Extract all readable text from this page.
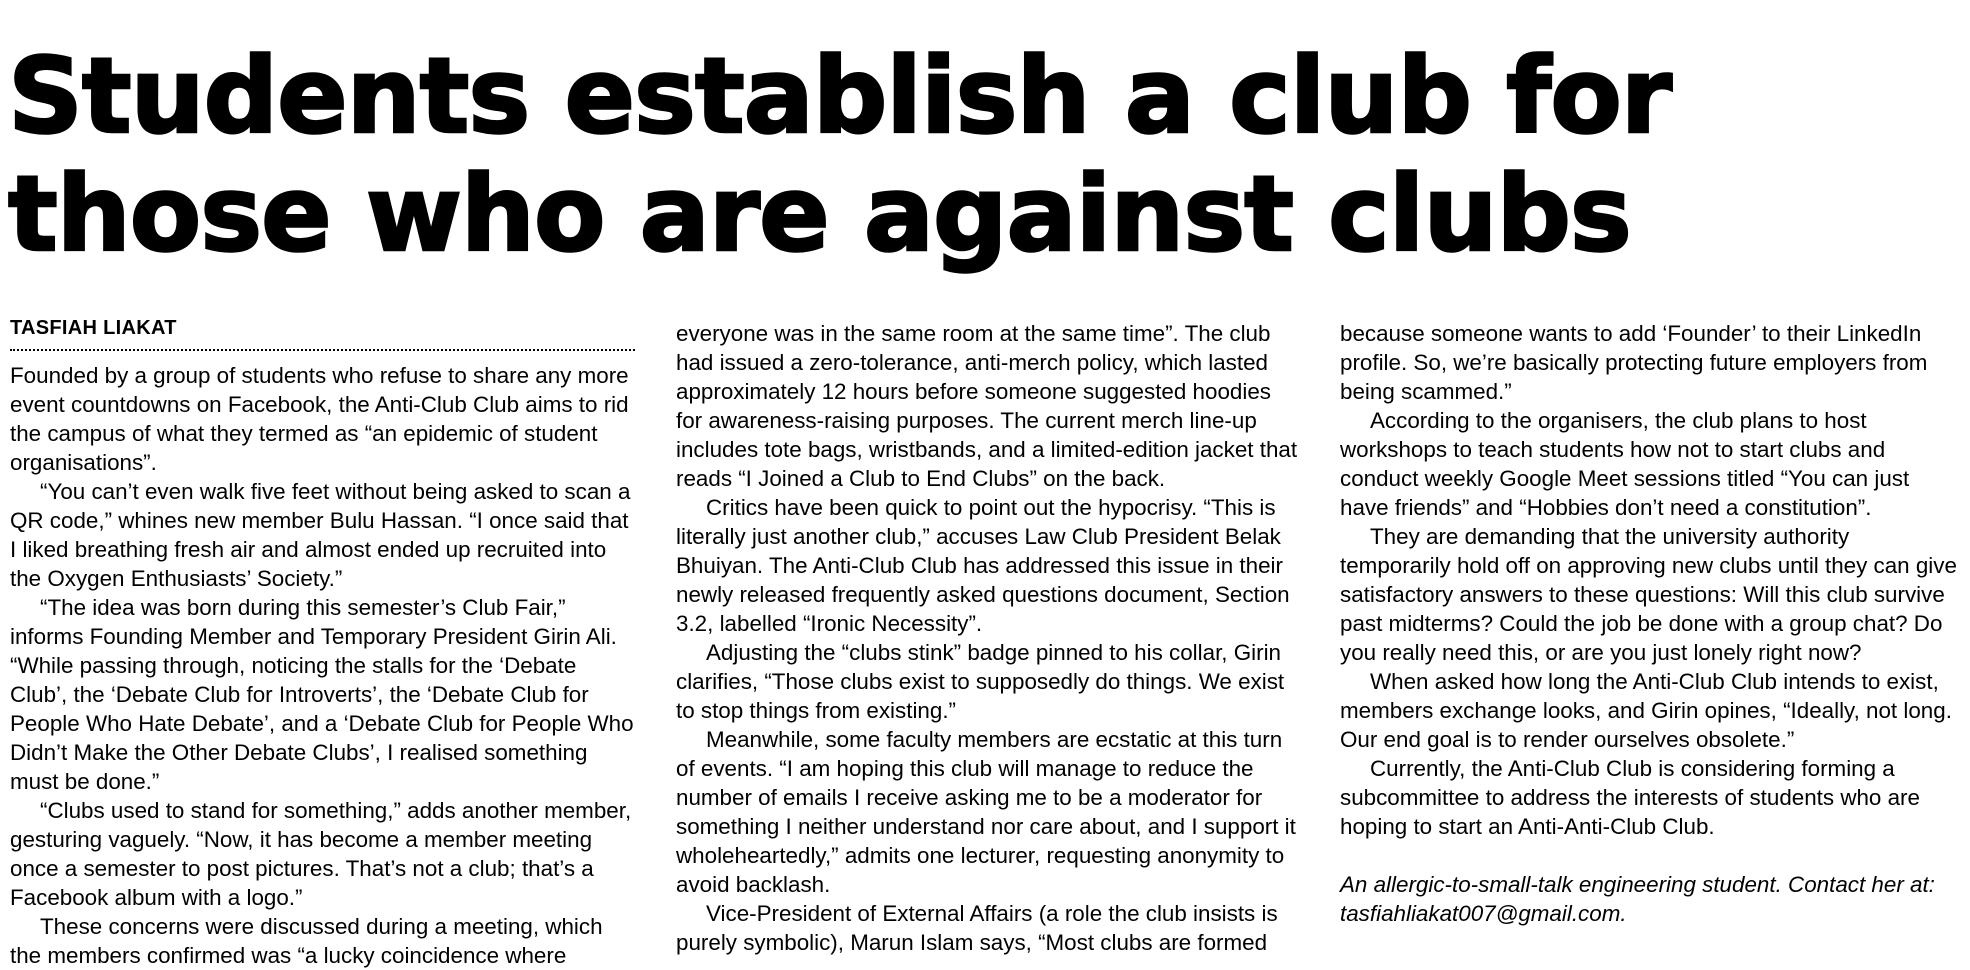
Students establish a club for those who are against clubs
TASFIAH LIAKAT

Founded by a group of students who refuse to share any more event countdowns on Facebook, the Anti-Club Club aims to rid the campus of what they termed as “an epidemic of student organisations”.

“You can’t even walk five feet without being asked to scan a QR code,” whines new member Bulu Hassan. “I once said that I liked breathing fresh air and almost ended up recruited into the Oxygen Enthusiasts’ Society.”

“The idea was born during this semester’s Club Fair,” informs Founding Member and Temporary President Girin Ali. “While passing through, noticing the stalls for the ‘Debate Club’, the ‘Debate Club for Introverts’, the ‘Debate Club for People Who Hate Debate’, and a ‘Debate Club for People Who Didn’t Make the Other Debate Clubs’, I realised something must be done.”

“Clubs used to stand for something,” adds another member, gesturing vaguely. “Now, it has become a member meeting once a semester to post pictures. That’s not a club; that’s a Facebook album with a logo.”

These concerns were discussed during a meeting, which the members confirmed was “a lucky coincidence where

everyone was in the same room at the same time”. The club had issued a zero-tolerance, anti-merch policy, which lasted approximately 12 hours before someone suggested hoodies for awareness-raising purposes. The current merch line-up includes tote bags, wristbands, and a limited-edition jacket that reads “I Joined a Club to End Clubs” on the back.

Critics have been quick to point out the hypocrisy. “This is literally just another club,” accuses Law Club President Belak Bhuiyan. The Anti-Club Club has addressed this issue in their newly released frequently asked questions document, Section 3.2, labelled “Ironic Necessity”.

Adjusting the “clubs stink” badge pinned to his collar, Girin clarifies, “Those clubs exist to supposedly do things. We exist to stop things from existing.”

Meanwhile, some faculty members are ecstatic at this turn of events. “I am hoping this club will manage to reduce the number of emails I receive asking me to be a moderator for something I neither understand nor care about, and I support it wholeheartedly,” admits one lecturer, requesting anonymity to avoid backlash.

Vice-President of External Affairs (a role the club insists is purely symbolic), Marun Islam says, “Most clubs are formed

because someone wants to add ‘Founder’ to their LinkedIn profile. So, we’re basically protecting future employers from being scammed.”

According to the organisers, the club plans to host workshops to teach students how not to start clubs and conduct weekly Google Meet sessions titled “You can just have friends” and “Hobbies don’t need a constitution”.

They are demanding that the university authority temporarily hold off on approving new clubs until they can give satisfactory answers to these questions: Will this club survive past midterms? Could the job be done with a group chat? Do you really need this, or are you just lonely right now?

When asked how long the Anti-Club Club intends to exist, members exchange looks, and Girin opines, “Ideally, not long. Our end goal is to render ourselves obsolete.”

Currently, the Anti-Club Club is considering forming a subcommittee to address the interests of students who are hoping to start an Anti-Anti-Club Club.

An allergic-to-small-talk engineering student. Contact her at: tasfiahliakat007@gmail.com.
